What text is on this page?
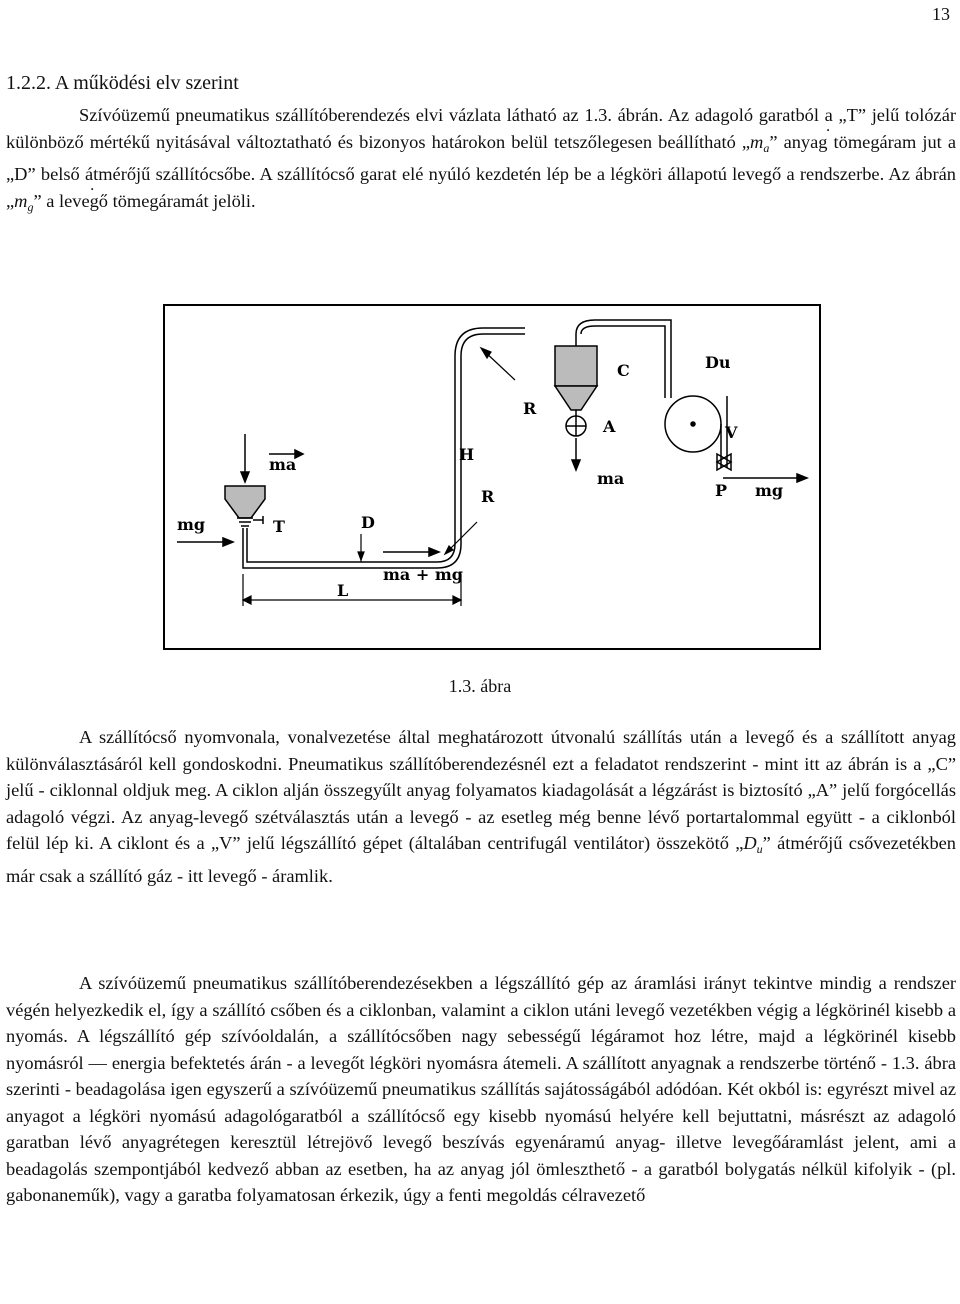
13
1.2.2. A működési elv szerint

Szívóüzemű pneumatikus szállítóberendezés elvi vázlata látható az 1.3. ábrán. Az adagoló garatból a „T” jelű tolózár különböző mértékű nyitásával változtatható és bizonyos határokon belül tetszőlegesen beállítható „˙ $m_a$” anyag tömegáram jut a „D” belső átmérőjű szállítócsőbe. A szállítócső garat elé nyúló kezdetén lép be a légköri állapotú levegő a rendszerbe. Az ábrán „˙ $m_g$” a levegő tömegáramát jelöli.

ma
mg	T	D
L
ma + mg
H
R
R
C
A
ma
Du
V
P mg
1.3. ábra

A szállítócső nyomvonala, vonalvezetése által meghatározott útvonalú szállítás után a levegő és a szállított anyag különválasztásáról kell gondoskodni. Pneumatikus szállítóberendezésnél ezt a feladatot rendszerint - mint itt az ábrán is a „C” jelű - ciklonnal oldjuk meg. A ciklon alján összegyűlt anyag folyamatos kiadagolását a légzárást is biztosító „A” jelű forgócellás adagoló végzi. Az anyag-levegő szétválasztás után a levegő - az esetleg még benne lévő portartalommal együtt - a ciklonból felül lép ki. A ciklont és a „V” jelű légszállító gépet (általában centrifugál ventilátor) összekötő $„D_u$” átmérőjű csővezetékben már csak a szállító gáz - itt levegő - áramlik.

A szívóüzemű pneumatikus szállítóberendezésekben a légszállító gép az áramlási irányt tekintve mindig a rendszer végén helyezkedik el, így a szállító csőben és a ciklonban, valamint a ciklon utáni levegő vezetékben végig a légkörinél kisebb a nyomás. A légszállító gép szívóoldalán, a szállítócsőben nagy sebességű légáramot hoz létre, majd a légkörinél kisebb nyomásról — energia befektetés árán - a levegőt légköri nyomásra átemeli. A szállított anyagnak a rendszerbe történő - 1.3. ábra szerinti - beadagolása igen egyszerű a szívóüzemű pneumatikus szállítás sajátosságából adódóan. Két okból is: egyrészt mivel az anyagot a légköri nyomású adagológaratból a szállítócső egy kisebb nyomású helyére kell bejuttatni, másrészt az adagoló garatban lévő anyagrétegen keresztül létrejövő levegő beszívás egyenáramú anyag- illetve levegőáramlást jelent, ami a beadagolás szempontjából kedvező abban az esetben, ha az anyag jól ömleszthető - a garatból bolygatás nélkül kifolyik - (pl. gabonaneműk), vagy a garatba folyamatosan érkezik, úgy a fenti megoldás célravezető
